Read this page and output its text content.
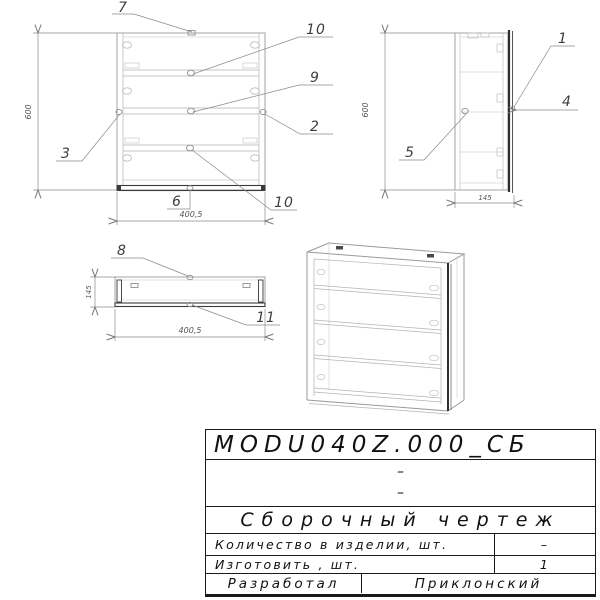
600
400,5
7
10
9
2
3
6	10
600
145
1
4
5
145
400,5
8
11
MODU040Z.000_СБ
–
–
Сборочный чертеж
Количество в изделии, шт.	–
Изготовить , шт.	1
Разработал	Приклонский
